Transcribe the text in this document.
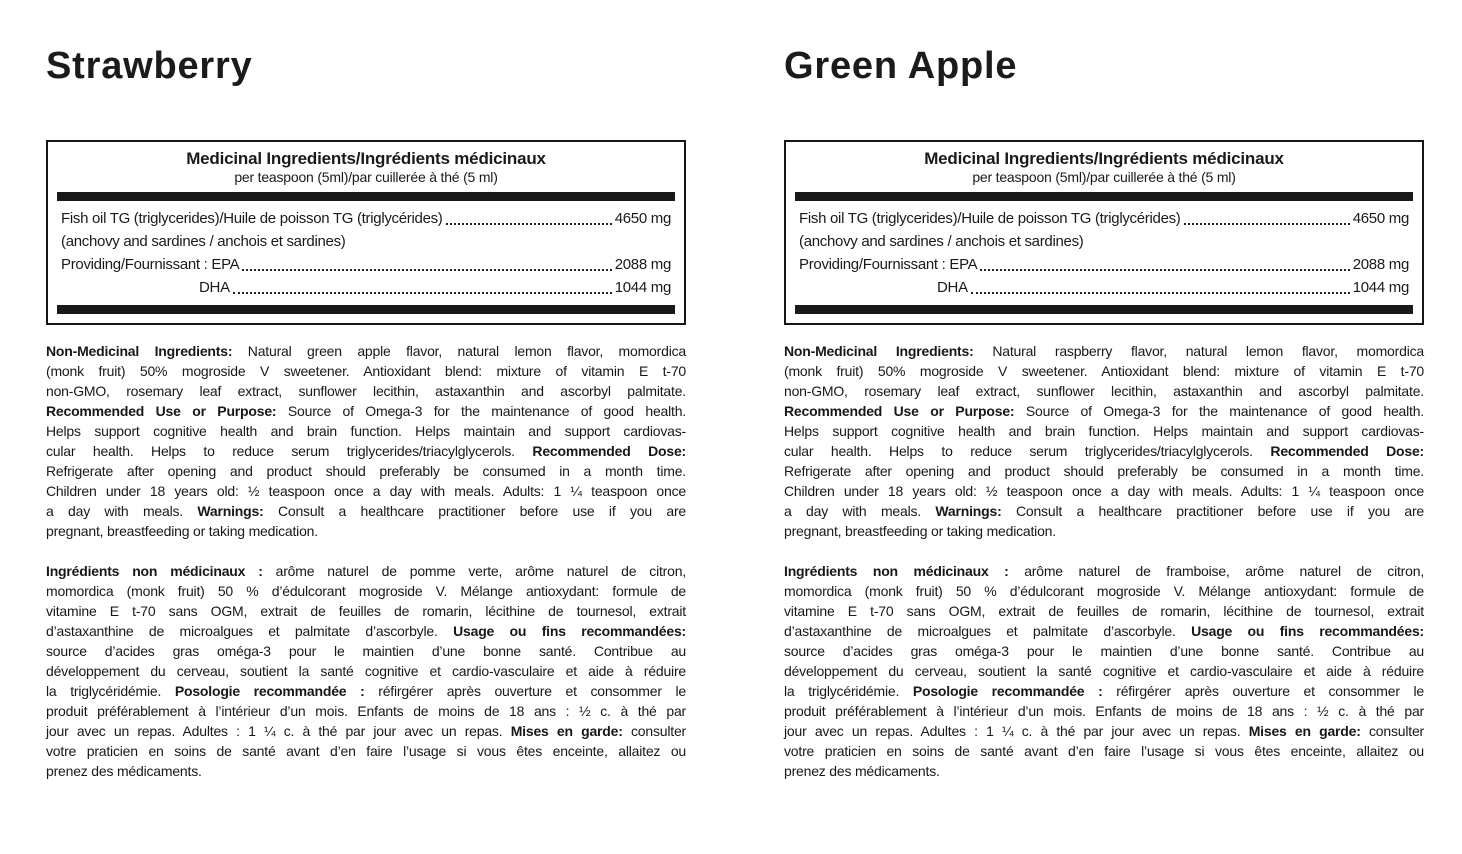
Strawberry
Medicinal Ingredients/Ingrédients médicinaux
per teaspoon (5ml)/par cuillerée à thé (5 ml)
Fish oil TG (triglycerides)/Huile de poisson TG (triglycérides)	4650 mg
(anchovy and sardines / anchois et sardines)
Providing/Fournissant : EPA	2088 mg
DHA	1044 mg
Non-Medicinal Ingredients: Natural green apple flavor, natural lemon flavor, momordica
(monk fruit) 50% mogroside V sweetener. Antioxidant blend: mixture of vitamin E t-70
non-GMO, rosemary leaf extract, sunflower lecithin, astaxanthin and ascorbyl palmitate.
Recommended Use or Purpose: Source of Omega-3 for the maintenance of good health.
Helps support cognitive health and brain function. Helps maintain and support cardiovas-
cular health. Helps to reduce serum triglycerides/triacylglycerols. Recommended Dose:
Refrigerate after opening and product should preferably be consumed in a month time.
Children under 18 years old: ½ teaspoon once a day with meals. Adults: 1 ¼ teaspoon once
a day with meals. Warnings: Consult a healthcare practitioner before use if you are
pregnant, breastfeeding or taking medication.
Ingrédients non médicinaux : arôme naturel de pomme verte, arôme naturel de citron,
momordica (monk fruit) 50 % d’édulcorant mogroside V. Mélange antioxydant: formule de
vitamine E t-70 sans OGM, extrait de feuilles de romarin, lécithine de tournesol, extrait
d’astaxanthine de microalgues et palmitate d’ascorbyle. Usage ou fins recommandées:
source d’acides gras oméga-3 pour le maintien d’une bonne santé. Contribue au
développement du cerveau, soutient la santé cognitive et cardio-vasculaire et aide à réduire
la triglycéridémie. Posologie recommandée : réfirgérer après ouverture et consommer le
produit préférablement à l’intérieur d’un mois. Enfants de moins de 18 ans : ½ c. à thé par
jour avec un repas. Adultes : 1 ¼ c. à thé par jour avec un repas. Mises en garde: consulter
votre praticien en soins de santé avant d’en faire l’usage si vous êtes enceinte, allaitez ou
prenez des médicaments.
Green Apple
Medicinal Ingredients/Ingrédients médicinaux
per teaspoon (5ml)/par cuillerée à thé (5 ml)
Fish oil TG (triglycerides)/Huile de poisson TG (triglycérides)	4650 mg
(anchovy and sardines / anchois et sardines)
Providing/Fournissant : EPA	2088 mg
DHA	1044 mg
Non-Medicinal Ingredients: Natural raspberry flavor, natural lemon flavor, momordica
(monk fruit) 50% mogroside V sweetener. Antioxidant blend: mixture of vitamin E t-70
non-GMO, rosemary leaf extract, sunflower lecithin, astaxanthin and ascorbyl palmitate.
Recommended Use or Purpose: Source of Omega-3 for the maintenance of good health.
Helps support cognitive health and brain function. Helps maintain and support cardiovas-
cular health. Helps to reduce serum triglycerides/triacylglycerols. Recommended Dose:
Refrigerate after opening and product should preferably be consumed in a month time.
Children under 18 years old: ½ teaspoon once a day with meals. Adults: 1 ¼ teaspoon once
a day with meals. Warnings: Consult a healthcare practitioner before use if you are
pregnant, breastfeeding or taking medication.
Ingrédients non médicinaux : arôme naturel de framboise, arôme naturel de citron,
momordica (monk fruit) 50 % d’édulcorant mogroside V. Mélange antioxydant: formule de
vitamine E t-70 sans OGM, extrait de feuilles de romarin, lécithine de tournesol, extrait
d’astaxanthine de microalgues et palmitate d’ascorbyle. Usage ou fins recommandées:
source d’acides gras oméga-3 pour le maintien d’une bonne santé. Contribue au
développement du cerveau, soutient la santé cognitive et cardio-vasculaire et aide à réduire
la triglycéridémie. Posologie recommandée : réfirgérer après ouverture et consommer le
produit préférablement à l’intérieur d’un mois. Enfants de moins de 18 ans : ½ c. à thé par
jour avec un repas. Adultes : 1 ¼ c. à thé par jour avec un repas. Mises en garde: consulter
votre praticien en soins de santé avant d’en faire l’usage si vous êtes enceinte, allaitez ou
prenez des médicaments.
